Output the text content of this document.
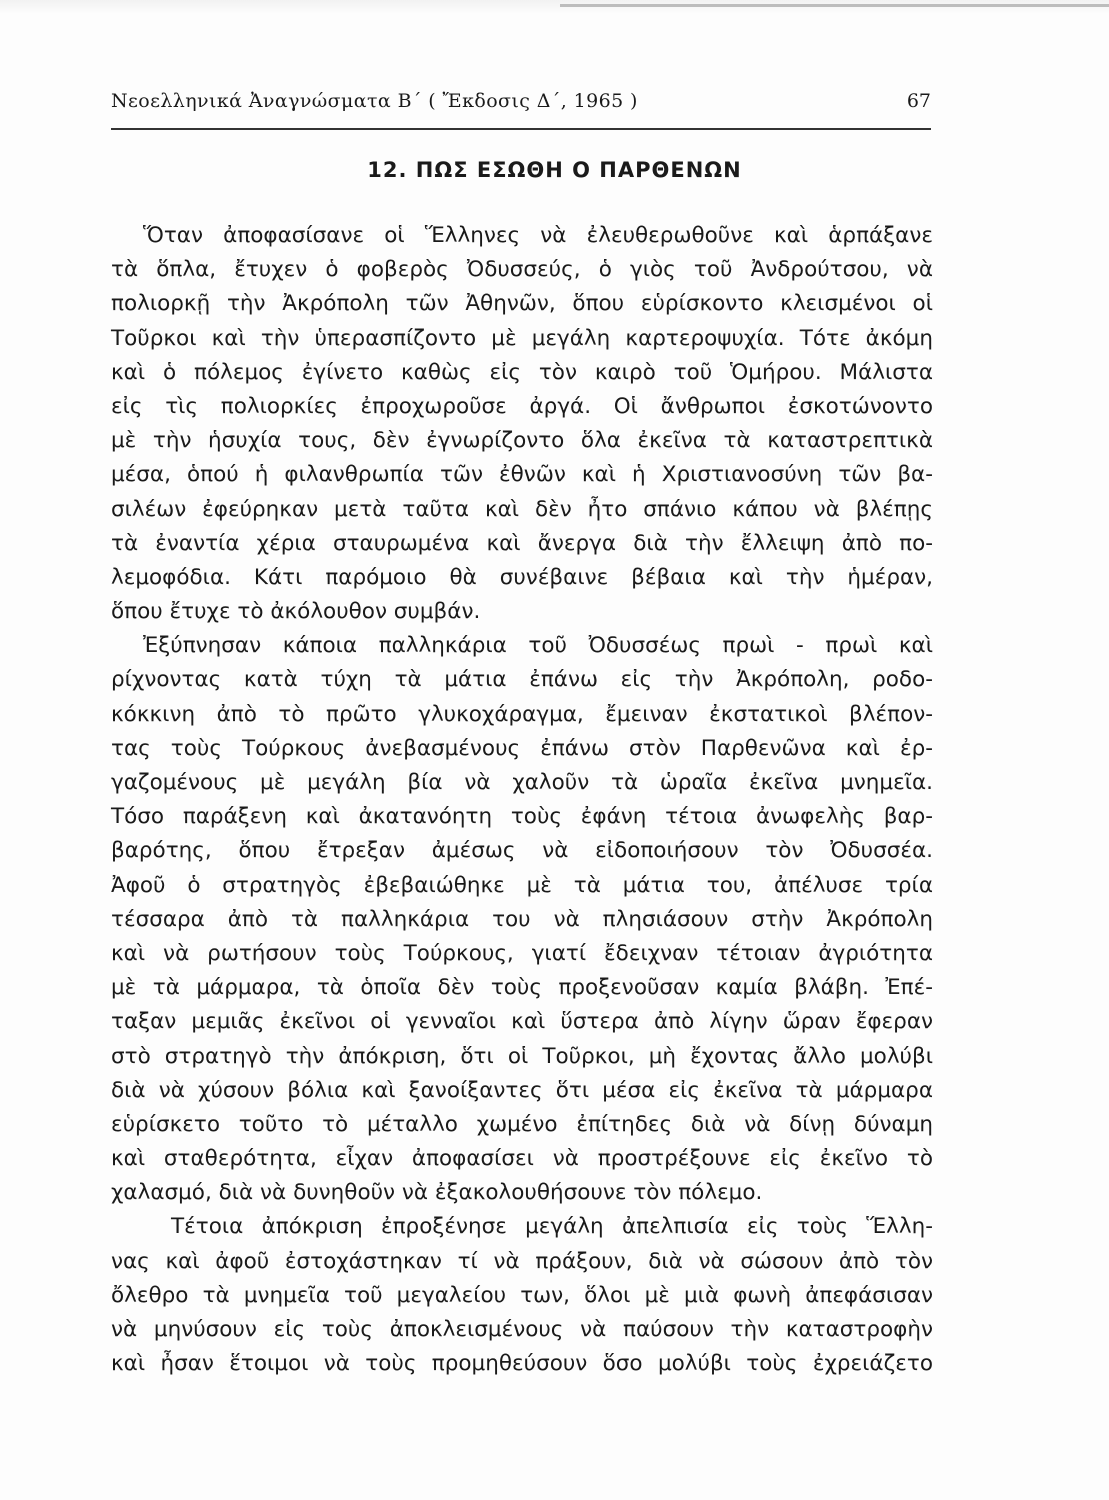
Νεοελληνικά Ἀναγνώσματα Β΄ ( Ἔκδοσις Δ΄, 1965 )	67
12. ΠΩΣ ΕΣΩΘΗ Ο ΠΑΡΘΕΝΩΝ
Ὅταν ἀποφασίσανε οἱ Ἕλληνες νὰ ἐλευθερωθοῦνε καὶ ἁρπάξανε
τὰ ὅπλα, ἔτυχεν ὁ φοβερὸς Ὀδυσσεύς, ὁ γιὸς τοῦ Ἀνδρούτσου, νὰ
πολιορκῇ τὴν Ἀκρόπολη τῶν Ἀθηνῶν, ὅπου εὑρίσκοντο κλεισμένοι οἱ
Τοῦρκοι καὶ τὴν ὑπερασπίζοντο μὲ μεγάλη καρτεροψυχία. Τότε ἀκόμη
καὶ ὁ πόλεμος ἐγίνετο καθὼς εἰς τὸν καιρὸ τοῦ Ὁμήρου. Μάλιστα
εἰς τὶς πολιορκίες ἐπροχωροῦσε ἀργά. Οἱ ἄνθρωποι ἐσκοτώνοντο
μὲ τὴν ἡσυχία τους, δὲν ἐγνωρίζοντο ὅλα ἐκεῖνα τὰ καταστρεπτικὰ
μέσα, ὁπού ἡ φιλανθρωπία τῶν ἐθνῶν καὶ ἡ Χριστιανοσύνη τῶν βα-
σιλέων ἐφεύρηκαν μετὰ ταῦτα καὶ δὲν ἦτο σπάνιο κάπου νὰ βλέπῃς
τὰ ἐναντία χέρια σταυρωμένα καὶ ἄνεργα διὰ τὴν ἔλλειψη ἀπὸ πο-
λεμοφόδια. Κάτι παρόμοιο θὰ συνέβαινε βέβαια καὶ τὴν ἡμέραν,
ὅπου ἔτυχε τὸ ἀκόλουθον συμβάν.
Ἐξύπνησαν κάποια παλληκάρια τοῦ Ὀδυσσέως πρωὶ - πρωὶ καὶ
ρίχνοντας κατὰ τύχη τὰ μάτια ἐπάνω εἰς τὴν Ἀκρόπολη, ροδο-
κόκκινη ἀπὸ τὸ πρῶτο γλυκοχάραγμα, ἔμειναν ἐκστατικοὶ βλέπον-
τας τοὺς Τούρκους ἀνεβασμένους ἐπάνω στὸν Παρθενῶνα καὶ ἐρ-
γαζομένους μὲ μεγάλη βία νὰ χαλοῦν τὰ ὡραῖα ἐκεῖνα μνημεῖα.
Τόσο παράξενη καὶ ἀκατανόητη τοὺς ἐφάνη τέτοια ἀνωφελὴς βαρ-
βαρότης, ὅπου ἔτρεξαν ἀμέσως νὰ εἰδοποιήσουν τὸν Ὀδυσσέα.
Ἀφοῦ ὁ στρατηγὸς ἐβεβαιώθηκε μὲ τὰ μάτια του, ἀπέλυσε τρία
τέσσαρα ἀπὸ τὰ παλληκάρια του νὰ πλησιάσουν στὴν Ἀκρόπολη
καὶ νὰ ρωτήσουν τοὺς Τούρκους, γιατί ἔδειχναν τέτοιαν ἀγριότητα
μὲ τὰ μάρμαρα, τὰ ὁποῖα δὲν τοὺς προξενοῦσαν καμία βλάβη. Ἐπέ-
ταξαν μεμιᾶς ἐκεῖνοι οἱ γενναῖοι καὶ ὕστερα ἀπὸ λίγην ὥραν ἔφεραν
στὸ στρατηγὸ τὴν ἀπόκριση, ὅτι οἱ Τοῦρκοι, μὴ ἔχοντας ἄλλο μολύβι
διὰ νὰ χύσουν βόλια καὶ ξανοίξαντες ὅτι μέσα εἰς ἐκεῖνα τὰ μάρμαρα
εὑρίσκετο τοῦτο τὸ μέταλλο χωμένο ἐπίτηδες διὰ νὰ δίνῃ δύναμη
καὶ σταθερότητα, εἶχαν ἀποφασίσει νὰ προστρέξουνε εἰς ἐκεῖνο τὸ
χαλασμό, διὰ νὰ δυνηθοῦν νὰ ἐξακολουθήσουνε τὸν πόλεμο.
Τέτοια ἀπόκριση ἐπροξένησε μεγάλη ἀπελπισία εἰς τοὺς Ἕλλη-
νας καὶ ἀφοῦ ἐστοχάστηκαν τί νὰ πράξουν, διὰ νὰ σώσουν ἀπὸ τὸν
ὄλεθρο τὰ μνημεῖα τοῦ μεγαλείου των, ὅλοι μὲ μιὰ φωνὴ ἀπεφάσισαν
νὰ μηνύσουν εἰς τοὺς ἀποκλεισμένους νὰ παύσουν τὴν καταστροφὴν
καὶ ἦσαν ἕτοιμοι νὰ τοὺς προμηθεύσουν ὅσο μολύβι τοὺς ἐχρειάζετο
